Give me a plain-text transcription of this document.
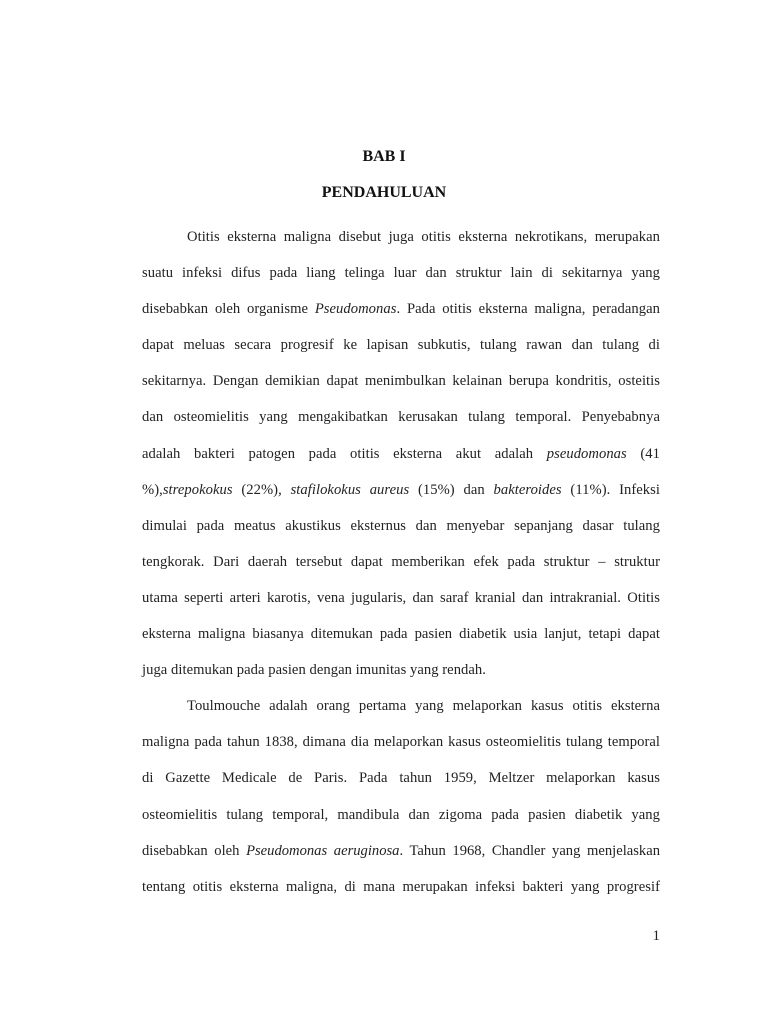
BAB I
PENDAHULUAN
Otitis eksterna maligna disebut juga otitis eksterna nekrotikans, merupakan
suatu infeksi difus pada liang telinga luar dan struktur lain di sekitarnya yang
disebabkan oleh organisme Pseudomonas. Pada otitis eksterna maligna, peradangan
dapat meluas secara progresif ke lapisan subkutis, tulang rawan dan tulang di
sekitarnya. Dengan demikian dapat menimbulkan kelainan berupa kondritis, osteitis
dan osteomielitis yang mengakibatkan kerusakan tulang temporal. Penyebabnya
adalah bakteri patogen pada otitis eksterna akut adalah pseudomonas (41
%),strepokokus (22%), stafilokokus aureus (15%) dan bakteroides (11%). Infeksi
dimulai pada meatus akustikus eksternus dan menyebar sepanjang dasar tulang
tengkorak. Dari daerah tersebut dapat memberikan efek pada struktur – struktur
utama seperti arteri karotis, vena jugularis, dan saraf kranial dan intrakranial. Otitis
eksterna maligna biasanya ditemukan pada pasien diabetik usia lanjut, tetapi dapat
juga ditemukan pada pasien dengan imunitas yang rendah.
Toulmouche adalah orang pertama yang melaporkan kasus otitis eksterna
maligna pada tahun 1838, dimana dia melaporkan kasus osteomielitis tulang temporal
di Gazette Medicale de Paris. Pada tahun 1959, Meltzer melaporkan kasus
osteomielitis tulang temporal, mandibula dan zigoma pada pasien diabetik yang
disebabkan oleh Pseudomonas aeruginosa. Tahun 1968, Chandler yang menjelaskan
tentang otitis eksterna maligna, di mana merupakan infeksi bakteri yang progresif
1
